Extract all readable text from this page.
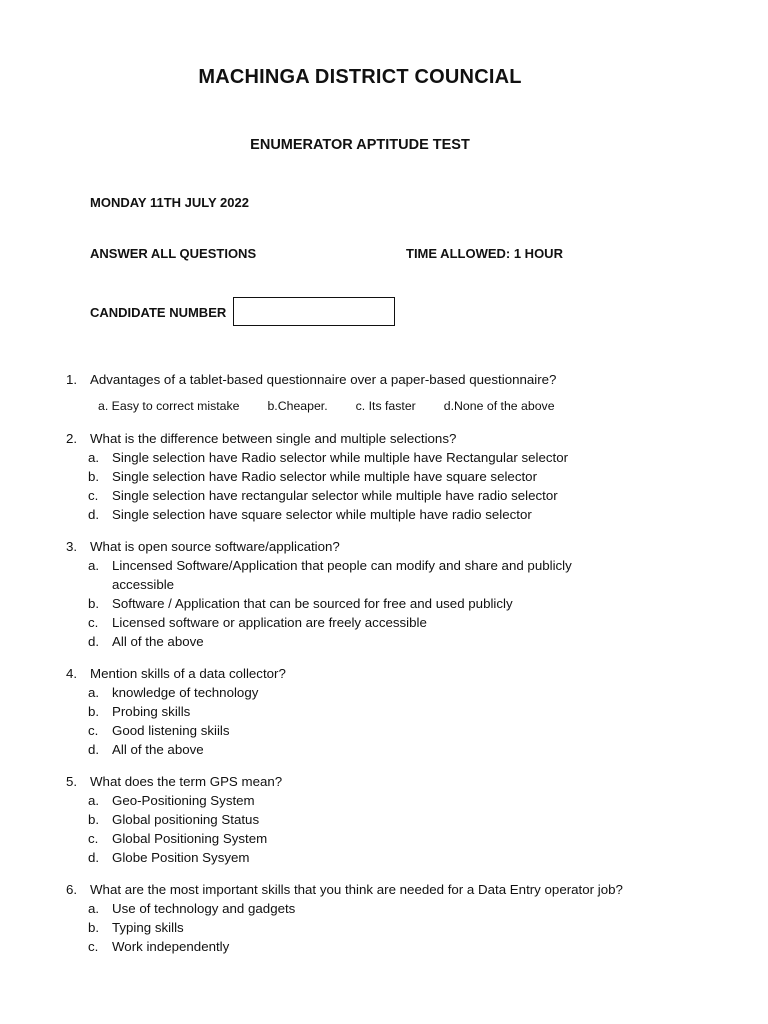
MACHINGA DISTRICT COUNCIAL
ENUMERATOR APTITUDE TEST
MONDAY 11TH JULY 2022
ANSWER ALL QUESTIONS	TIME ALLOWED: 1 HOUR
CANDIDATE NUMBER
1. Advantages of a tablet-based questionnaire over a paper-based questionnaire?
a. Easy to correct mistake b.Cheaper. c. Its faster d.None of the above
2. What is the difference between single and multiple selections?
a. Single selection have Radio selector while multiple have Rectangular selector
b. Single selection have Radio selector while multiple have square selector
c. Single selection have rectangular selector while multiple have radio selector
d. Single selection have square selector while multiple have radio selector
3. What is open source software/application?
a. Lincensed Software/Application that people can modify and share and publicly accessible
b. Software / Application that can be sourced for free and used publicly
c. Licensed software or application are freely accessible
d. All of the above
4. Mention skills of a data collector?
a. knowledge of technology
b. Probing skills
c. Good listening skiils
d. All of the above
5. What does the term GPS mean?
a. Geo-Positioning System
b. Global positioning Status
c. Global Positioning System
d. Globe Position Sysyem
6. What are the most important skills that you think are needed for a Data Entry operator job?
a. Use of technology and gadgets
b. Typing skills
c. Work independently
